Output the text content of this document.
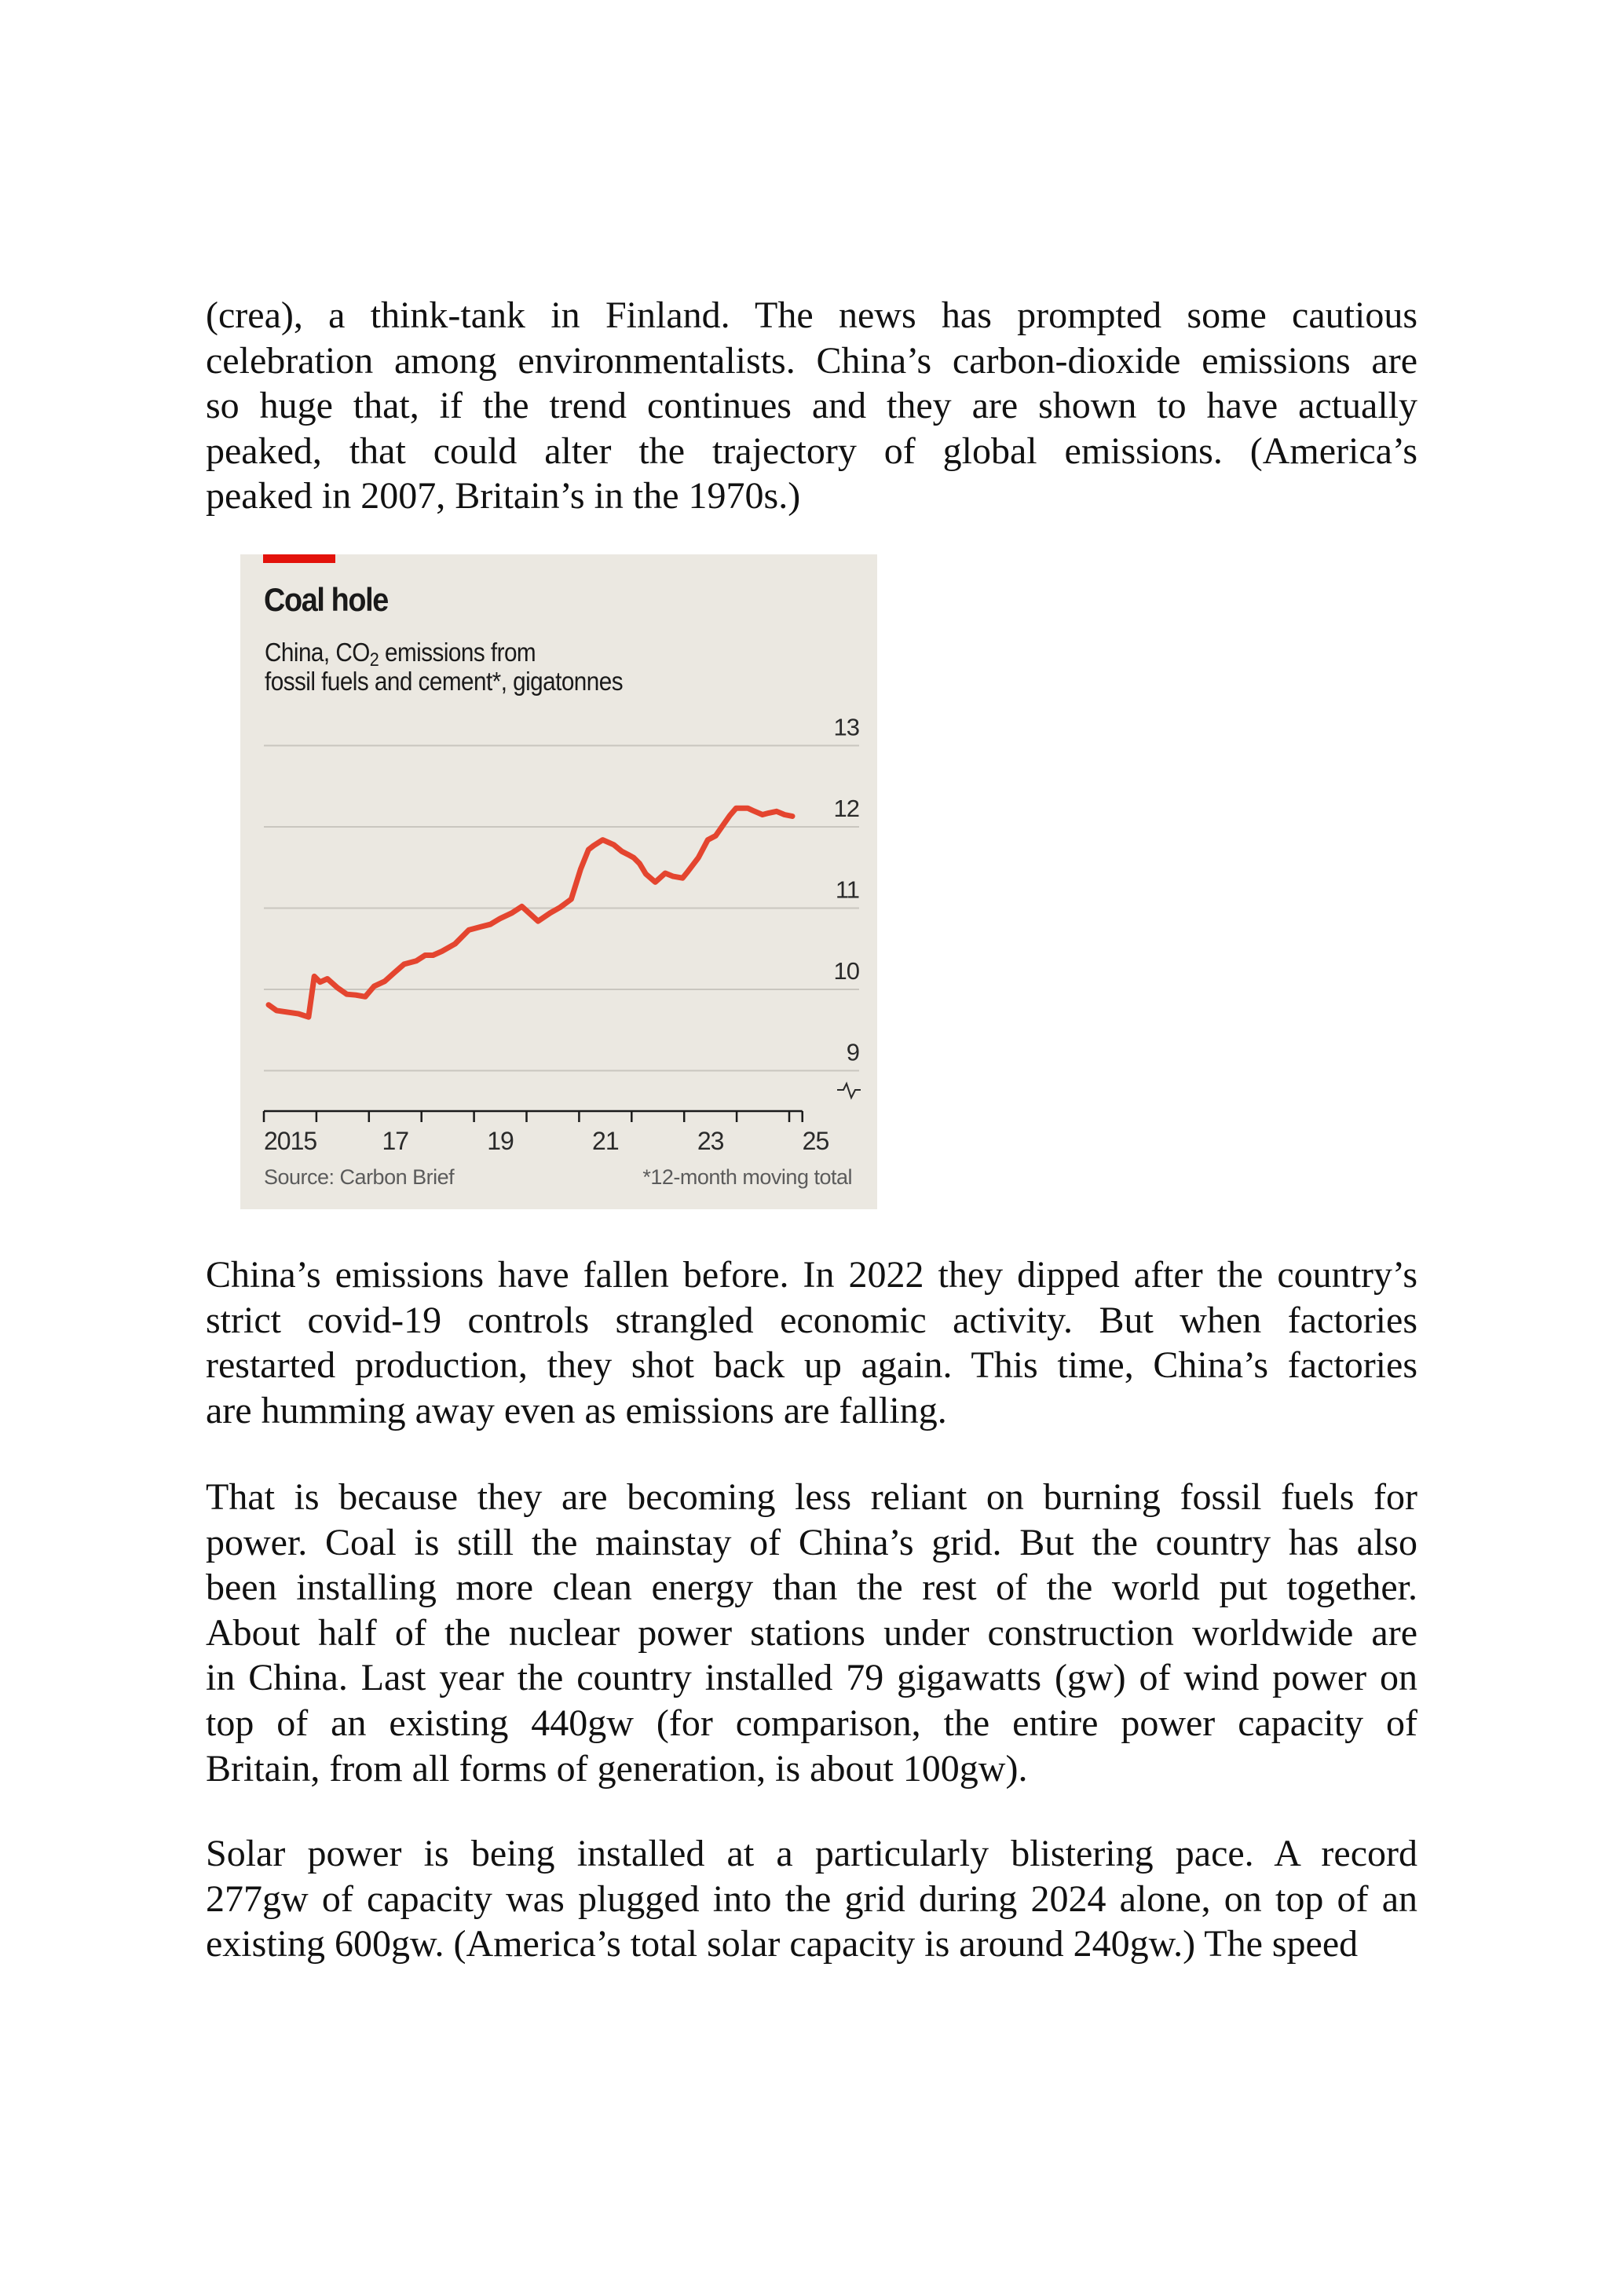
(crea), a think-tank in Finland. The news has prompted some cautious
celebration among environmentalists. China’s carbon-dioxide emissions are
so huge that, if the trend continues and they are shown to have actually
peaked, that could alter the trajectory of global emissions. (America’s
peaked in 2007, Britain’s in the 1970s.)
Coal hole
China, $CO_2$ emissions from
fossil fuels and cement*, gigatonnes
9
10
11
12
13
2015	17	19	21	23	25
Source: Carbon Brief	*12-month moving total
China’s emissions have fallen before. In 2022 they dipped after the country’s
strict covid-19 controls strangled economic activity. But when factories
restarted production, they shot back up again. This time, China’s factories
are humming away even as emissions are falling.
That is because they are becoming less reliant on burning fossil fuels for
power. Coal is still the mainstay of China’s grid. But the country has also
been installing more clean energy than the rest of the world put together.
About half of the nuclear power stations under construction worldwide are
in China. Last year the country installed 79 gigawatts (gw) of wind power on
top of an existing 440gw (for comparison, the entire power capacity of
Britain, from all forms of generation, is about 100gw).
Solar power is being installed at a particularly blistering pace. A record
277gw of capacity was plugged into the grid during 2024 alone, on top of an
existing 600gw. (America’s total solar capacity is around 240gw.) The speed
